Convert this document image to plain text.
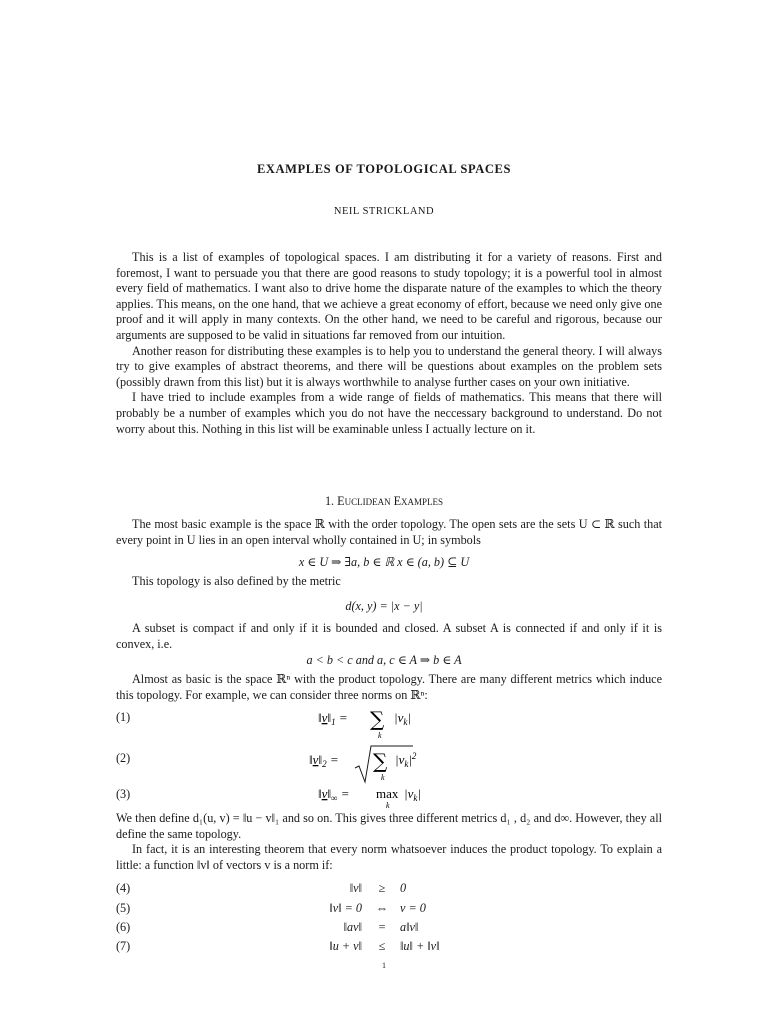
EXAMPLES OF TOPOLOGICAL SPACES
NEIL STRICKLAND

This is a list of examples of topological spaces. I am distributing it for a variety of reasons. First and foremost, I want to persuade you that there are good reasons to study topology; it is a powerful tool in almost every field of mathematics. I want also to drive home the disparate nature of the examples to which the theory applies. This means, on the one hand, that we achieve a great economy of effort, because we need only give one proof and it will apply in many contexts. On the other hand, we need to be careful and rigorous, because our arguments are supposed to be valid in situations far removed from our intuition.

Another reason for distributing these examples is to help you to understand the general theory. I will always try to give examples of abstract theorems, and there will be questions about examples on the problem sets (possibly drawn from this list) but it is always worthwhile to analyse further cases on your own initiative.

I have tried to include examples from a wide range of fields of mathematics. This means that there will probably be a number of examples which you do not have the neccessary background to understand. Do not worry about this. Nothing in this list will be examinable unless I actually lecture on it.

1. Euclidean Examples

The most basic example is the space ℝ with the order topology. The open sets are the sets U ⊂ ℝ such that every point in U lies in an open interval wholly contained in U; in symbols

x ∈ U ⇒ ∃a, b ∈ ℝ x ∈ (a, b) ⊆ U

This topology is also defined by the metric

d(x, y) = |x − y|

A subset is compact if and only if it is bounded and closed. A subset A is connected if and only if it is convex, i.e.

a < b < c and a, c ∈ A ⇒ b ∈ A

Almost as basic is the space ℝⁿ with the product topology. There are many different metrics which induce this topology. For example, we can consider three norms on ℝⁿ:

(1)	$‖v‖_1$ = ∑
k
$|v_k|$
(2)	$‖v‖_2$ = ∑
k
$|v_k|^2$
(3)	$‖v‖_\infty = \max$
k
$|v_k|$

We then define d₁(u, v) = ‖u − v‖₁ and so on. This gives three different metrics d₁ , d₂ and d∞. However, they all define the same topology.

In fact, it is an interesting theorem that every norm whatsoever induces the product topology. To explain a little: a function ‖v‖ of vectors v is a norm if:

(4)	‖v‖	≥	0
(5)	‖v‖ = 0	⇔ v = 0
(6)	‖av‖	=	a‖v‖
(7)	‖u + v‖	≤	‖u‖ + ‖v‖
1
